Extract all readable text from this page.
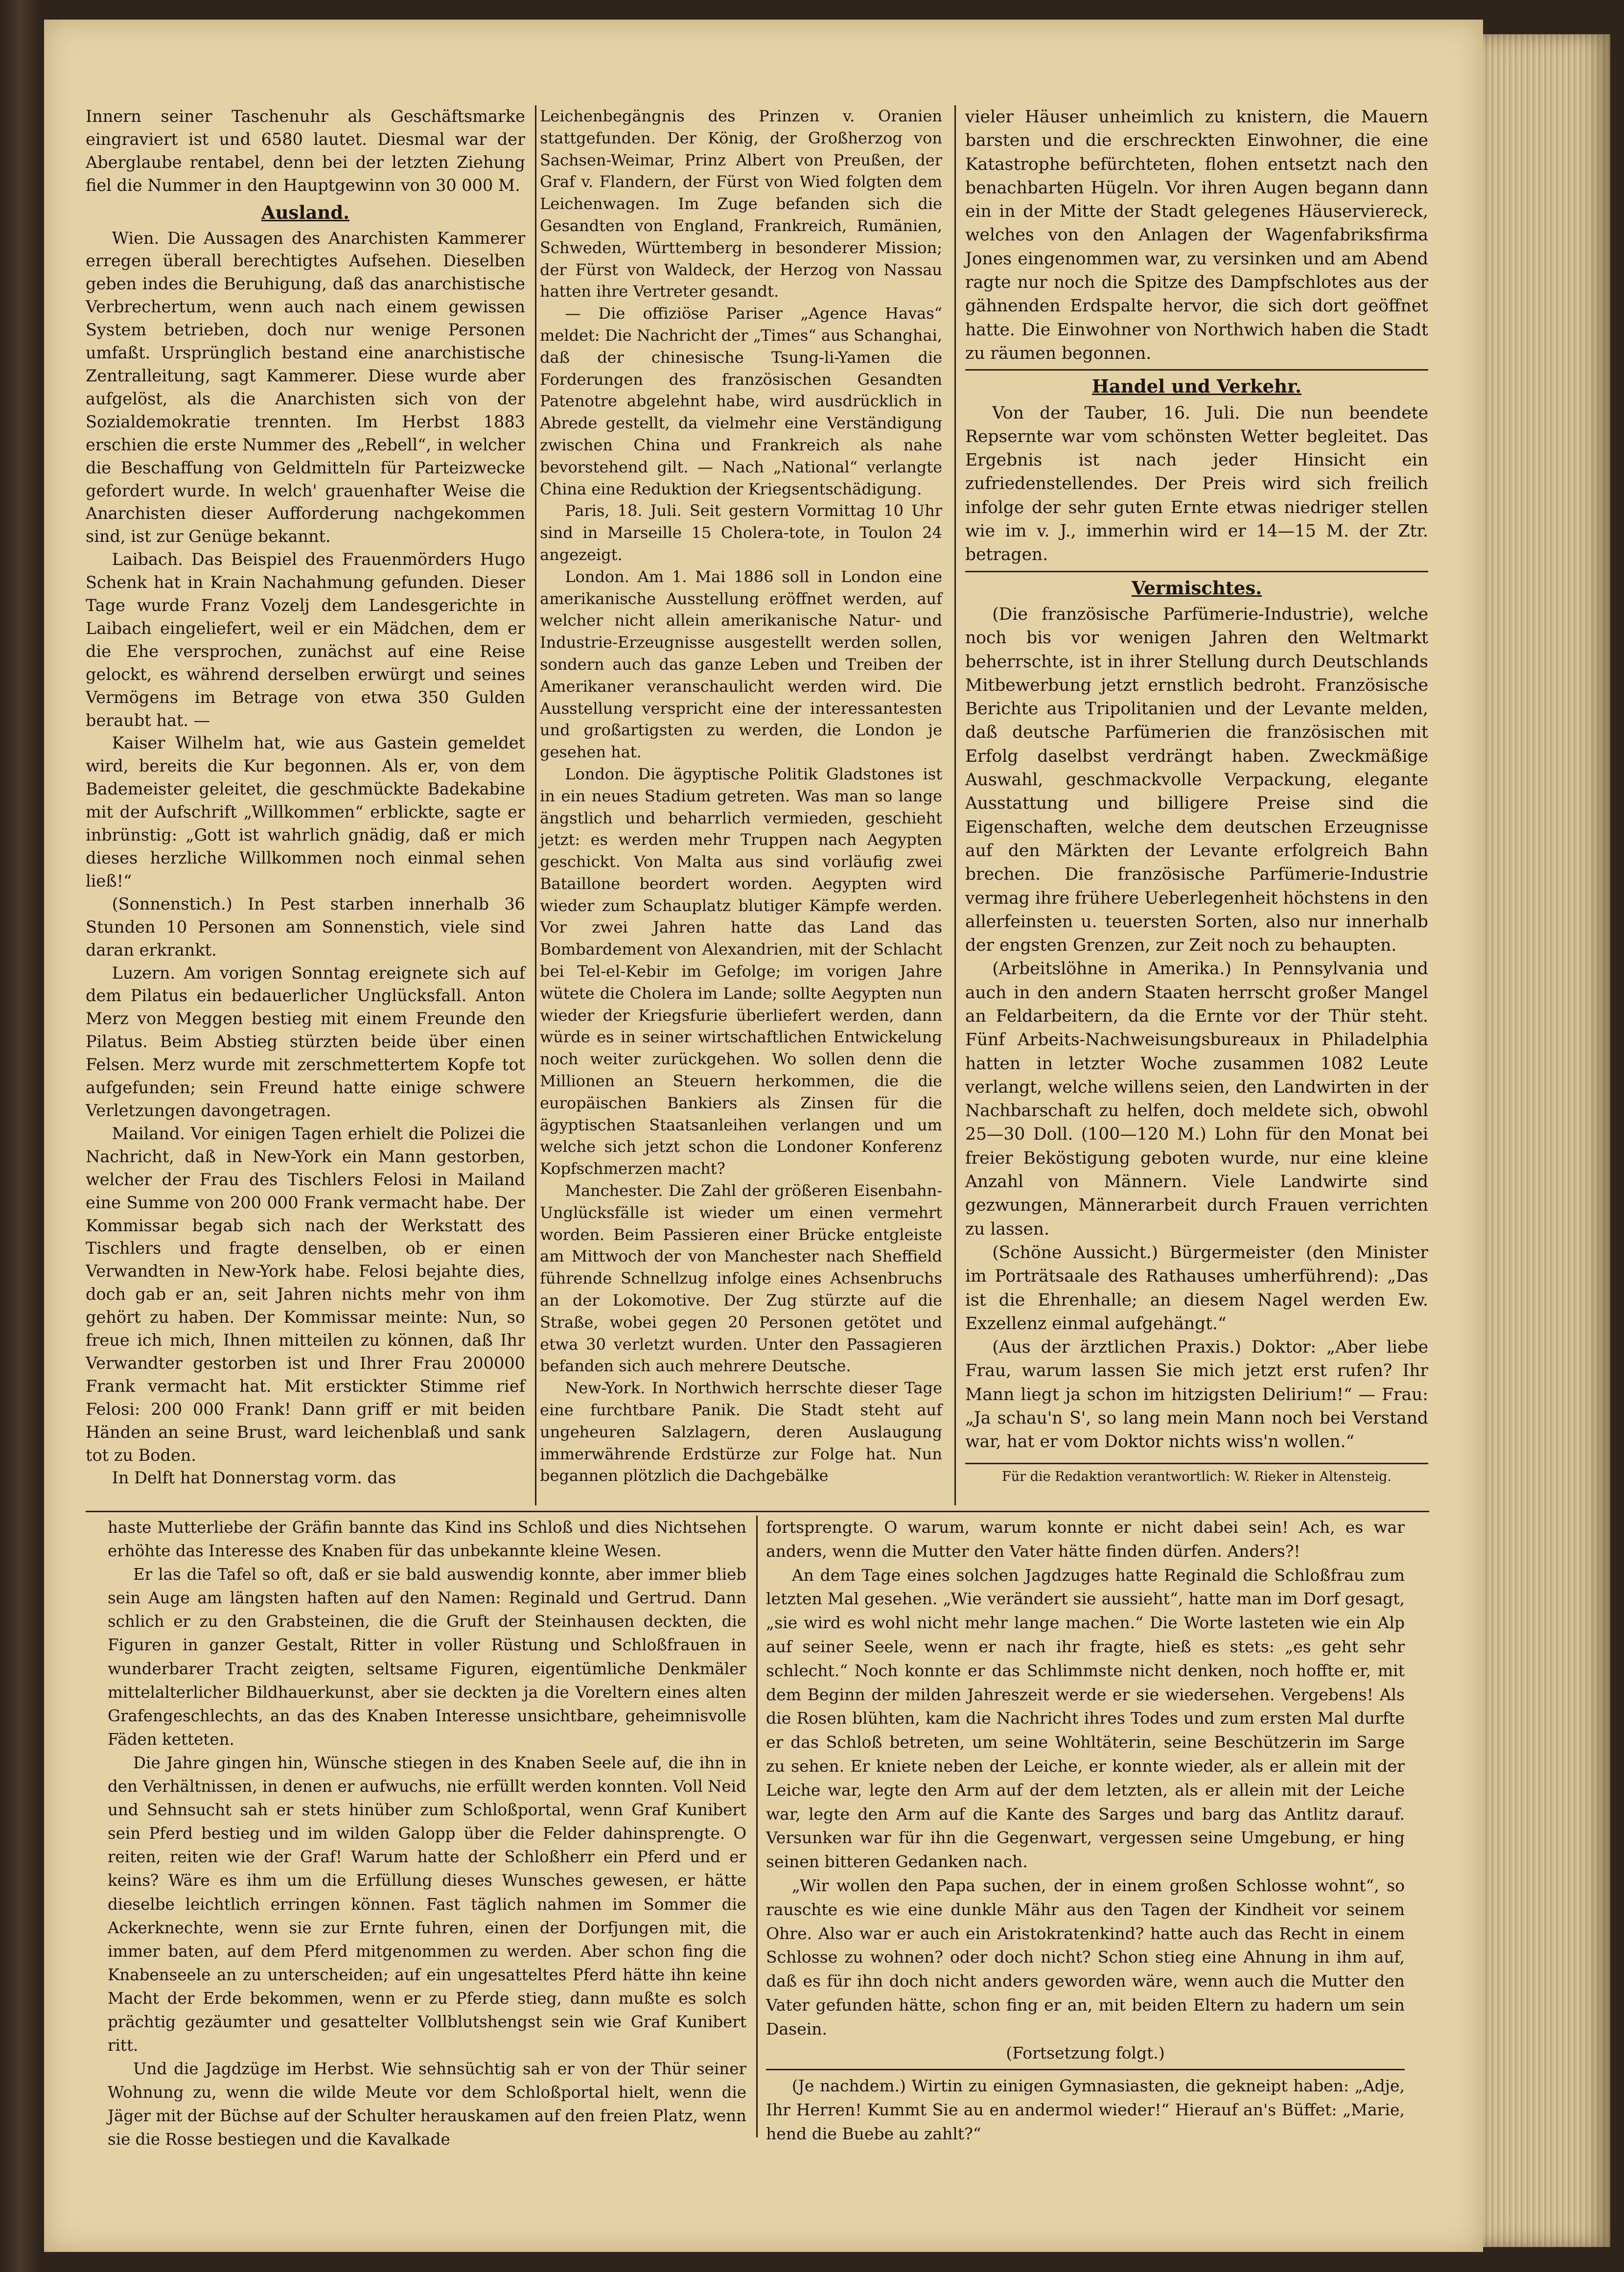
Innern seiner Taschenuhr als Geschäftsmarke eingraviert ist und 6580 lautet. Diesmal war der Aberglaube rentabel, denn bei der letzten Ziehung fiel die Nummer in den Hauptgewinn von 30 000 M.

Ausland.

Wien. Die Aussagen des Anarchisten Kammerer erregen überall berechtigtes Aufsehen. Dieselben geben indes die Beruhigung, daß das anarchistische Verbrechertum, wenn auch nach einem gewissen System betrieben, doch nur wenige Personen umfaßt. Ursprünglich bestand eine anarchistische Zentralleitung, sagt Kammerer. Diese wurde aber aufgelöst, als die Anarchisten sich von der Sozialdemokratie trennten. Im Herbst 1883 erschien die erste Nummer des „Rebell“, in welcher die Beschaffung von Geldmitteln für Parteizwecke gefordert wurde. In welch' grauenhafter Weise die Anarchisten dieser Aufforderung nachgekommen sind, ist zur Genüge bekannt.

Laibach. Das Beispiel des Frauenmörders Hugo Schenk hat in Krain Nachahmung gefunden. Dieser Tage wurde Franz Vozelj dem Landesgerichte in Laibach eingeliefert, weil er ein Mädchen, dem er die Ehe versprochen, zunächst auf eine Reise gelockt, es während derselben erwürgt und seines Vermögens im Betrage von etwa 350 Gulden beraubt hat. —

Kaiser Wilhelm hat, wie aus Gastein gemeldet wird, bereits die Kur begonnen. Als er, von dem Bademeister geleitet, die geschmückte Badekabine mit der Aufschrift „Willkommen“ erblickte, sagte er inbrünstig: „Gott ist wahrlich gnädig, daß er mich dieses herzliche Willkommen noch einmal sehen ließ!“

(Sonnenstich.) In Pest starben innerhalb 36 Stunden 10 Personen am Sonnenstich, viele sind daran erkrankt.

Luzern. Am vorigen Sonntag ereignete sich auf dem Pilatus ein bedauerlicher Unglücksfall. Anton Merz von Meggen bestieg mit einem Freunde den Pilatus. Beim Abstieg stürzten beide über einen Felsen. Merz wurde mit zerschmettertem Kopfe tot aufgefunden; sein Freund hatte einige schwere Verletzungen davongetragen.

Mailand. Vor einigen Tagen erhielt die Polizei die Nachricht, daß in New-York ein Mann gestorben, welcher der Frau des Tischlers Felosi in Mailand eine Summe von 200 000 Frank vermacht habe. Der Kommissar begab sich nach der Werkstatt des Tischlers und fragte denselben, ob er einen Verwandten in New-York habe. Felosi bejahte dies, doch gab er an, seit Jahren nichts mehr von ihm gehört zu haben. Der Kommissar meinte: Nun, so freue ich mich, Ihnen mitteilen zu können, daß Ihr Verwandter gestorben ist und Ihrer Frau 200000 Frank vermacht hat. Mit erstickter Stimme rief Felosi: 200 000 Frank! Dann griff er mit beiden Händen an seine Brust, ward leichenblaß und sank tot zu Boden.

In Delft hat Donnerstag vorm. das

Leichenbegängnis des Prinzen v. Oranien stattgefunden. Der König, der Großherzog von Sachsen-Weimar, Prinz Albert von Preußen, der Graf v. Flandern, der Fürst von Wied folgten dem Leichenwagen. Im Zuge befanden sich die Gesandten von England, Frankreich, Rumänien, Schweden, Württemberg in besonderer Mission; der Fürst von Waldeck, der Herzog von Nassau hatten ihre Vertreter gesandt.

— Die offiziöse Pariser „Agence Havas“ meldet: Die Nachricht der „Times“ aus Schanghai, daß der chinesische Tsung-li-Yamen die Forderungen des französischen Gesandten Patenotre abgelehnt habe, wird ausdrücklich in Abrede gestellt, da vielmehr eine Verständigung zwischen China und Frankreich als nahe bevorstehend gilt. — Nach „National“ verlangte China eine Reduktion der Kriegsentschädigung.

Paris, 18. Juli. Seit gestern Vormittag 10 Uhr sind in Marseille 15 Cholera-tote, in Toulon 24 angezeigt.

London. Am 1. Mai 1886 soll in London eine amerikanische Ausstellung eröffnet werden, auf welcher nicht allein amerikanische Natur- und Industrie-Erzeugnisse ausgestellt werden sollen, sondern auch das ganze Leben und Treiben der Amerikaner veranschaulicht werden wird. Die Ausstellung verspricht eine der interessantesten und großartigsten zu werden, die London je gesehen hat.

London. Die ägyptische Politik Gladstones ist in ein neues Stadium getreten. Was man so lange ängstlich und beharrlich vermieden, geschieht jetzt: es werden mehr Truppen nach Aegypten geschickt. Von Malta aus sind vorläufig zwei Bataillone beordert worden. Aegypten wird wieder zum Schauplatz blutiger Kämpfe werden. Vor zwei Jahren hatte das Land das Bombardement von Alexandrien, mit der Schlacht bei Tel-el-Kebir im Gefolge; im vorigen Jahre wütete die Cholera im Lande; sollte Aegypten nun wieder der Kriegsfurie überliefert werden, dann würde es in seiner wirtschaftlichen Entwickelung noch weiter zurückgehen. Wo sollen denn die Millionen an Steuern herkommen, die die europäischen Bankiers als Zinsen für die ägyptischen Staatsanleihen verlangen und um welche sich jetzt schon die Londoner Konferenz Kopfschmerzen macht?

Manchester. Die Zahl der größeren Eisenbahn-Unglücksfälle ist wieder um einen vermehrt worden. Beim Passieren einer Brücke entgleiste am Mittwoch der von Manchester nach Sheffield führende Schnellzug infolge eines Achsenbruchs an der Lokomotive. Der Zug stürzte auf die Straße, wobei gegen 20 Personen getötet und etwa 30 verletzt wurden. Unter den Passagieren befanden sich auch mehrere Deutsche.

New-York. In Northwich herrschte dieser Tage eine furchtbare Panik. Die Stadt steht auf ungeheuren Salzlagern, deren Auslaugung immerwährende Erdstürze zur Folge hat. Nun begannen plötzlich die Dachgebälke

vieler Häuser unheimlich zu knistern, die Mauern barsten und die erschreckten Einwohner, die eine Katastrophe befürchteten, flohen entsetzt nach den benachbarten Hügeln. Vor ihren Augen begann dann ein in der Mitte der Stadt gelegenes Häuserviereck, welches von den Anlagen der Wagenfabriksfirma Jones eingenommen war, zu versinken und am Abend ragte nur noch die Spitze des Dampfschlotes aus der gähnenden Erdspalte hervor, die sich dort geöffnet hatte. Die Einwohner von Northwich haben die Stadt zu räumen begonnen.

Handel und Verkehr.

Von der Tauber, 16. Juli. Die nun beendete Repsernte war vom schönsten Wetter begleitet. Das Ergebnis ist nach jeder Hinsicht ein zufriedenstellendes. Der Preis wird sich freilich infolge der sehr guten Ernte etwas niedriger stellen wie im v. J., immerhin wird er 14—15 M. der Ztr. betragen.

Vermischtes.

(Die französische Parfümerie-Industrie), welche noch bis vor wenigen Jahren den Weltmarkt beherrschte, ist in ihrer Stellung durch Deutschlands Mitbewerbung jetzt ernstlich bedroht. Französische Berichte aus Tripolitanien und der Levante melden, daß deutsche Parfümerien die französischen mit Erfolg daselbst verdrängt haben. Zweckmäßige Auswahl, geschmackvolle Verpackung, elegante Ausstattung und billigere Preise sind die Eigenschaften, welche dem deutschen Erzeugnisse auf den Märkten der Levante erfolgreich Bahn brechen. Die französische Parfümerie-Industrie vermag ihre frühere Ueberlegenheit höchstens in den allerfeinsten u. teuersten Sorten, also nur innerhalb der engsten Grenzen, zur Zeit noch zu behaupten.

(Arbeitslöhne in Amerika.) In Pennsylvania und auch in den andern Staaten herrscht großer Mangel an Feldarbeitern, da die Ernte vor der Thür steht. Fünf Arbeits-Nachweisungsbureaux in Philadelphia hatten in letzter Woche zusammen 1082 Leute verlangt, welche willens seien, den Landwirten in der Nachbarschaft zu helfen, doch meldete sich, obwohl 25—30 Doll. (100—120 M.) Lohn für den Monat bei freier Beköstigung geboten wurde, nur eine kleine Anzahl von Männern. Viele Landwirte sind gezwungen, Männerarbeit durch Frauen verrichten zu lassen.

(Schöne Aussicht.) Bürgermeister (den Minister im Porträtsaale des Rathauses umherführend): „Das ist die Ehrenhalle; an diesem Nagel werden Ew. Exzellenz einmal aufgehängt.“

(Aus der ärztlichen Praxis.) Doktor: „Aber liebe Frau, warum lassen Sie mich jetzt erst rufen? Ihr Mann liegt ja schon im hitzigsten Delirium!“ — Frau: „Ja schau'n S', so lang mein Mann noch bei Verstand war, hat er vom Doktor nichts wiss'n wollen.“

Für die Redaktion verantwortlich: W. Rieker in Altensteig.

haste Mutterliebe der Gräfin bannte das Kind ins Schloß und dies Nichtsehen erhöhte das Interesse des Knaben für das unbekannte kleine Wesen.

Er las die Tafel so oft, daß er sie bald auswendig konnte, aber immer blieb sein Auge am längsten haften auf den Namen: Reginald und Gertrud. Dann schlich er zu den Grabsteinen, die die Gruft der Steinhausen deckten, die Figuren in ganzer Gestalt, Ritter in voller Rüstung und Schloßfrauen in wunderbarer Tracht zeigten, seltsame Figuren, eigentümliche Denkmäler mittelalterlicher Bildhauerkunst, aber sie deckten ja die Voreltern eines alten Grafengeschlechts, an das des Knaben Interesse unsichtbare, geheimnisvolle Fäden ketteten.

Die Jahre gingen hin, Wünsche stiegen in des Knaben Seele auf, die ihn in den Verhältnissen, in denen er aufwuchs, nie erfüllt werden konnten. Voll Neid und Sehnsucht sah er stets hinüber zum Schloßportal, wenn Graf Kunibert sein Pferd bestieg und im wilden Galopp über die Felder dahinsprengte. O reiten, reiten wie der Graf! Warum hatte der Schloßherr ein Pferd und er keins? Wäre es ihm um die Erfüllung dieses Wunsches gewesen, er hätte dieselbe leichtlich erringen können. Fast täglich nahmen im Sommer die Ackerknechte, wenn sie zur Ernte fuhren, einen der Dorfjungen mit, die immer baten, auf dem Pferd mitgenommen zu werden. Aber schon fing die Knabenseele an zu unterscheiden; auf ein ungesatteltes Pferd hätte ihn keine Macht der Erde bekommen, wenn er zu Pferde stieg, dann mußte es solch prächtig gezäumter und gesattelter Vollblutshengst sein wie Graf Kunibert ritt.

Und die Jagdzüge im Herbst. Wie sehnsüchtig sah er von der Thür seiner Wohnung zu, wenn die wilde Meute vor dem Schloßportal hielt, wenn die Jäger mit der Büchse auf der Schulter herauskamen auf den freien Platz, wenn sie die Rosse bestiegen und die Kavalkade

fortsprengte. O warum, warum konnte er nicht dabei sein! Ach, es war anders, wenn die Mutter den Vater hätte finden dürfen. Anders?!

An dem Tage eines solchen Jagdzuges hatte Reginald die Schloßfrau zum letzten Mal gesehen. „Wie verändert sie aussieht“, hatte man im Dorf gesagt, „sie wird es wohl nicht mehr lange machen.“ Die Worte lasteten wie ein Alp auf seiner Seele, wenn er nach ihr fragte, hieß es stets: „es geht sehr schlecht.“ Noch konnte er das Schlimmste nicht denken, noch hoffte er, mit dem Beginn der milden Jahreszeit werde er sie wiedersehen. Vergebens! Als die Rosen blühten, kam die Nachricht ihres Todes und zum ersten Mal durfte er das Schloß betreten, um seine Wohltäterin, seine Beschützerin im Sarge zu sehen. Er kniete neben der Leiche, er konnte wieder, als er allein mit der Leiche war, legte den Arm auf der dem letzten, als er allein mit der Leiche war, legte den Arm auf die Kante des Sarges und barg das Antlitz darauf. Versunken war für ihn die Gegenwart, vergessen seine Umgebung, er hing seinen bitteren Gedanken nach.

„Wir wollen den Papa suchen, der in einem großen Schlosse wohnt“, so rauschte es wie eine dunkle Mähr aus den Tagen der Kindheit vor seinem Ohre. Also war er auch ein Aristokratenkind? hatte auch das Recht in einem Schlosse zu wohnen? oder doch nicht? Schon stieg eine Ahnung in ihm auf, daß es für ihn doch nicht anders geworden wäre, wenn auch die Mutter den Vater gefunden hätte, schon fing er an, mit beiden Eltern zu hadern um sein Dasein.

(Fortsetzung folgt.)

(Je nachdem.) Wirtin zu einigen Gymnasiasten, die gekneipt haben: „Adje, Ihr Herren! Kummt Sie au en andermol wieder!“ Hierauf an's Büffet: „Marie, hend die Buebe au zahlt?“
